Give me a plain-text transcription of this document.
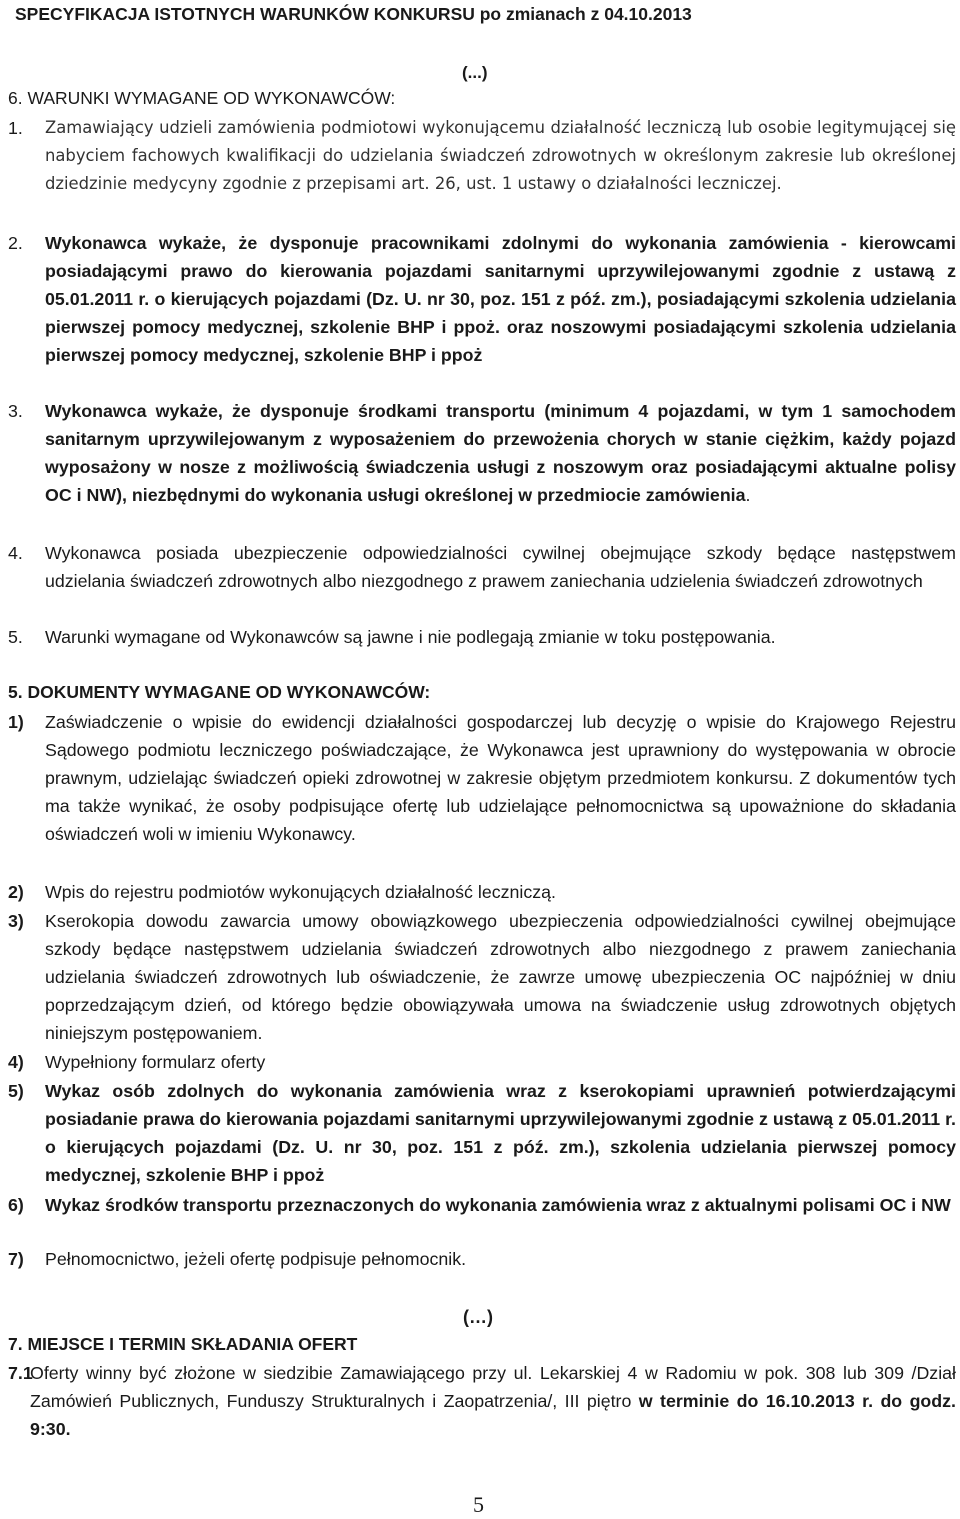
SPECYFIKACJA ISTOTNYCH WARUNKÓW KONKURSU po zmianach z 04.10.2013
(...)
6. WARUNKI WYMAGANE OD WYKONAWCÓW:
1. Zamawiający udzieli zamówienia podmiotowi wykonującemu działalność leczniczą lub osobie legitymującej się nabyciem fachowych kwalifikacji do udzielania świadczeń zdrowotnych w określonym zakresie lub określonej dziedzinie medycyny zgodnie z przepisami art. 26, ust. 1 ustawy o działalności leczniczej.
2. Wykonawca wykaże, że dysponuje pracownikami zdolnymi do wykonania zamówienia - kierowcami posiadającymi prawo do kierowania pojazdami sanitarnymi uprzywilejowanymi zgodnie z ustawą z 05.01.2011 r. o kierujących pojazdami (Dz. U. nr 30, poz. 151 z póź. zm.), posiadającymi szkolenia udzielania pierwszej pomocy medycznej, szkolenie BHP i ppoż. oraz noszowymi posiadającymi szkolenia udzielania pierwszej pomocy medycznej, szkolenie BHP i ppoż
3. Wykonawca wykaże, że dysponuje środkami transportu (minimum 4 pojazdami, w tym 1 samochodem sanitarnym uprzywilejowanym z wyposażeniem do przewożenia chorych w stanie ciężkim, każdy pojazd wyposażony w nosze z możliwością świadczenia usługi z noszowym oraz posiadającymi aktualne polisy OC i NW), niezbędnymi do wykonania usługi określonej w przedmiocie zamówienia.
4. Wykonawca posiada ubezpieczenie odpowiedzialności cywilnej obejmujące szkody będące następstwem udzielania świadczeń zdrowotnych albo niezgodnego z prawem zaniechania udzielenia świadczeń zdrowotnych
5. Warunki wymagane od Wykonawców są jawne i nie podlegają zmianie w toku postępowania.
5. DOKUMENTY WYMAGANE OD WYKONAWCÓW:
1) Zaświadczenie o wpisie do ewidencji działalności gospodarczej lub decyzję o wpisie do Krajowego Rejestru Sądowego podmiotu leczniczego poświadczające, że Wykonawca jest uprawniony do występowania w obrocie prawnym, udzielając świadczeń opieki zdrowotnej w zakresie objętym przedmiotem konkursu. Z dokumentów tych ma także wynikać, że osoby podpisujące ofertę lub udzielające pełnomocnictwa są upoważnione do składania oświadczeń woli w imieniu Wykonawcy.
2) Wpis do rejestru podmiotów wykonujących działalność leczniczą.
3) Kserokopia dowodu zawarcia umowy obowiązkowego ubezpieczenia odpowiedzialności cywilnej obejmujące szkody będące następstwem udzielania świadczeń zdrowotnych albo niezgodnego z prawem zaniechania udzielania świadczeń zdrowotnych lub oświadczenie, że zawrze umowę ubezpieczenia OC najpóźniej w dniu poprzedzającym dzień, od którego będzie obowiązywała umowa na świadczenie usług zdrowotnych objętych niniejszym postępowaniem.
4) Wypełniony formularz oferty
5) Wykaz osób zdolnych do wykonania zamówienia wraz z kserokopiami uprawnień potwierdzającymi posiadanie prawa do kierowania pojazdami sanitarnymi uprzywilejowanymi zgodnie z ustawą z 05.01.2011 r. o kierujących pojazdami (Dz. U. nr 30, poz. 151 z póź. zm.), szkolenia udzielania pierwszej pomocy medycznej, szkolenie BHP i ppoż
6) Wykaz środków transportu przeznaczonych do wykonania zamówienia wraz z aktualnymi polisami OC i NW
7) Pełnomocnictwo, jeżeli ofertę podpisuje pełnomocnik.
(…)
7. MIEJSCE I TERMIN SKŁADANIA OFERT
7.1
Oferty winny być złożone w siedzibie Zamawiającego przy ul. Lekarskiej 4 w Radomiu w pok. 308 lub 309 /Dział Zamówień Publicznych, Funduszy Strukturalnych i Zaopatrzenia/, III piętro w terminie do 16.10.2013 r. do godz. 9:30.
5
